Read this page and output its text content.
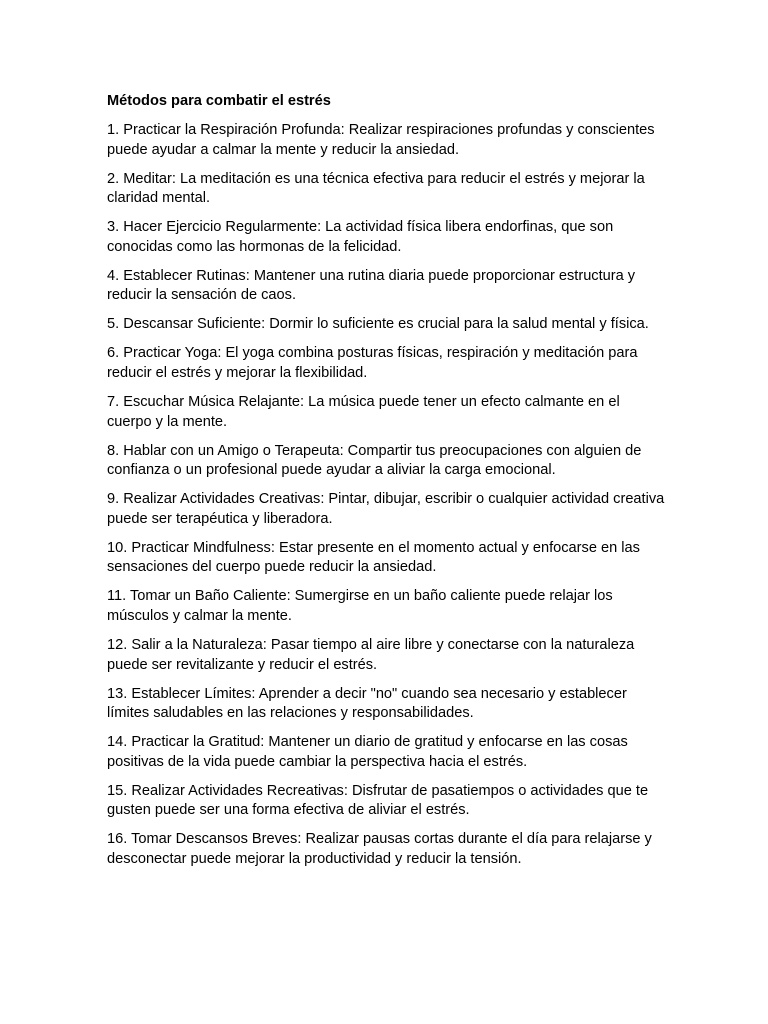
Métodos para combatir el estrés
1. Practicar la Respiración Profunda: Realizar respiraciones profundas y conscientes puede ayudar a calmar la mente y reducir la ansiedad.
2. Meditar: La meditación es una técnica efectiva para reducir el estrés y mejorar la claridad mental.
3. Hacer Ejercicio Regularmente: La actividad física libera endorfinas, que son conocidas como las hormonas de la felicidad.
4. Establecer Rutinas: Mantener una rutina diaria puede proporcionar estructura y reducir la sensación de caos.
5. Descansar Suficiente: Dormir lo suficiente es crucial para la salud mental y física.
6. Practicar Yoga: El yoga combina posturas físicas, respiración y meditación para reducir el estrés y mejorar la flexibilidad.
7. Escuchar Música Relajante: La música puede tener un efecto calmante en el cuerpo y la mente.
8. Hablar con un Amigo o Terapeuta: Compartir tus preocupaciones con alguien de confianza o un profesional puede ayudar a aliviar la carga emocional.
9. Realizar Actividades Creativas: Pintar, dibujar, escribir o cualquier actividad creativa puede ser terapéutica y liberadora.
10. Practicar Mindfulness: Estar presente en el momento actual y enfocarse en las sensaciones del cuerpo puede reducir la ansiedad.
11. Tomar un Baño Caliente: Sumergirse en un baño caliente puede relajar los músculos y calmar la mente.
12. Salir a la Naturaleza: Pasar tiempo al aire libre y conectarse con la naturaleza puede ser revitalizante y reducir el estrés.
13. Establecer Límites: Aprender a decir "no" cuando sea necesario y establecer límites saludables en las relaciones y responsabilidades.
14. Practicar la Gratitud: Mantener un diario de gratitud y enfocarse en las cosas positivas de la vida puede cambiar la perspectiva hacia el estrés.
15. Realizar Actividades Recreativas: Disfrutar de pasatiempos o actividades que te gusten puede ser una forma efectiva de aliviar el estrés.
16. Tomar Descansos Breves: Realizar pausas cortas durante el día para relajarse y desconectar puede mejorar la productividad y reducir la tensión.
